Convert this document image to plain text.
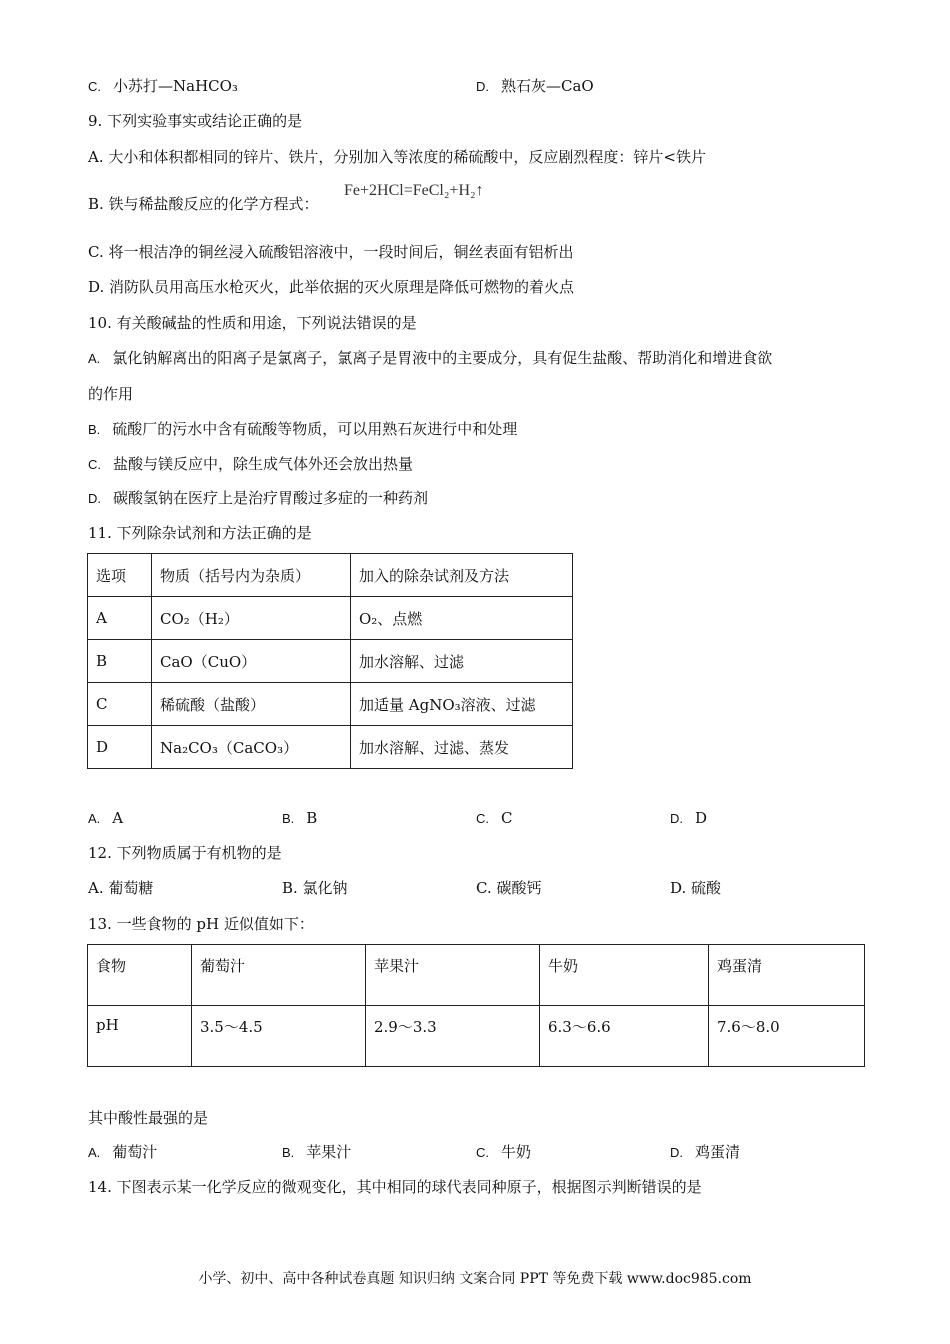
C. 小苏打—NaHCO₃	D. 熟石灰—CaO
9. 下列实验事实或结论正确的是
A. 大小和体积都相同的锌片、铁片，分别加入等浓度的稀硫酸中，反应剧烈程度：锌片<铁片
B. 铁与稀盐酸反应的化学方程式：
Fe+2HCl=FeCl₂+H₂↑
C. 将一根洁净的铜丝浸入硫酸铝溶液中，一段时间后，铜丝表面有铝析出
D. 消防队员用高压水枪灭火，此举依据的灭火原理是降低可燃物的着火点
10. 有关酸碱盐的性质和用途，下列说法错误的是
A. 氯化钠解离出的阳离子是氯离子，氯离子是胃液中的主要成分，具有促生盐酸、帮助消化和增进食欲
的作用
B. 硫酸厂的污水中含有硫酸等物质，可以用熟石灰进行中和处理
C. 盐酸与镁反应中，除生成气体外还会放出热量
D. 碳酸氢钠在医疗上是治疗胃酸过多症的一种药剂
11. 下列除杂试剂和方法正确的是
选项	物质（括号内为杂质）	加入的除杂试剂及方法
A	CO₂（H₂）	O₂、点燃
B	CaO（CuO）	加水溶解、过滤
C	稀硫酸（盐酸）	加适量 AgNO₃溶液、过滤
D	Na₂CO₃（CaCO₃）	加水溶解、过滤、蒸发
A. A	B. B	C. C	D. D
12. 下列物质属于有机物的是
A. 葡萄糖	B. 氯化钠	C. 碳酸钙	D. 硫酸
13. 一些食物的 pH 近似值如下：
食物	葡萄汁	苹果汁	牛奶	鸡蛋清
pH	3.5～4.5	2.9～3.3	6.3～6.6	7.6～8.0
其中酸性最强的是
A. 葡萄汁	B. 苹果汁	C. 牛奶	D. 鸡蛋清
14. 下图表示某一化学反应的微观变化，其中相同的球代表同种原子，根据图示判断错误的是
小学、初中、高中各种试卷真题 知识归纳 文案合同 PPT 等免费下载 www.doc985.com
